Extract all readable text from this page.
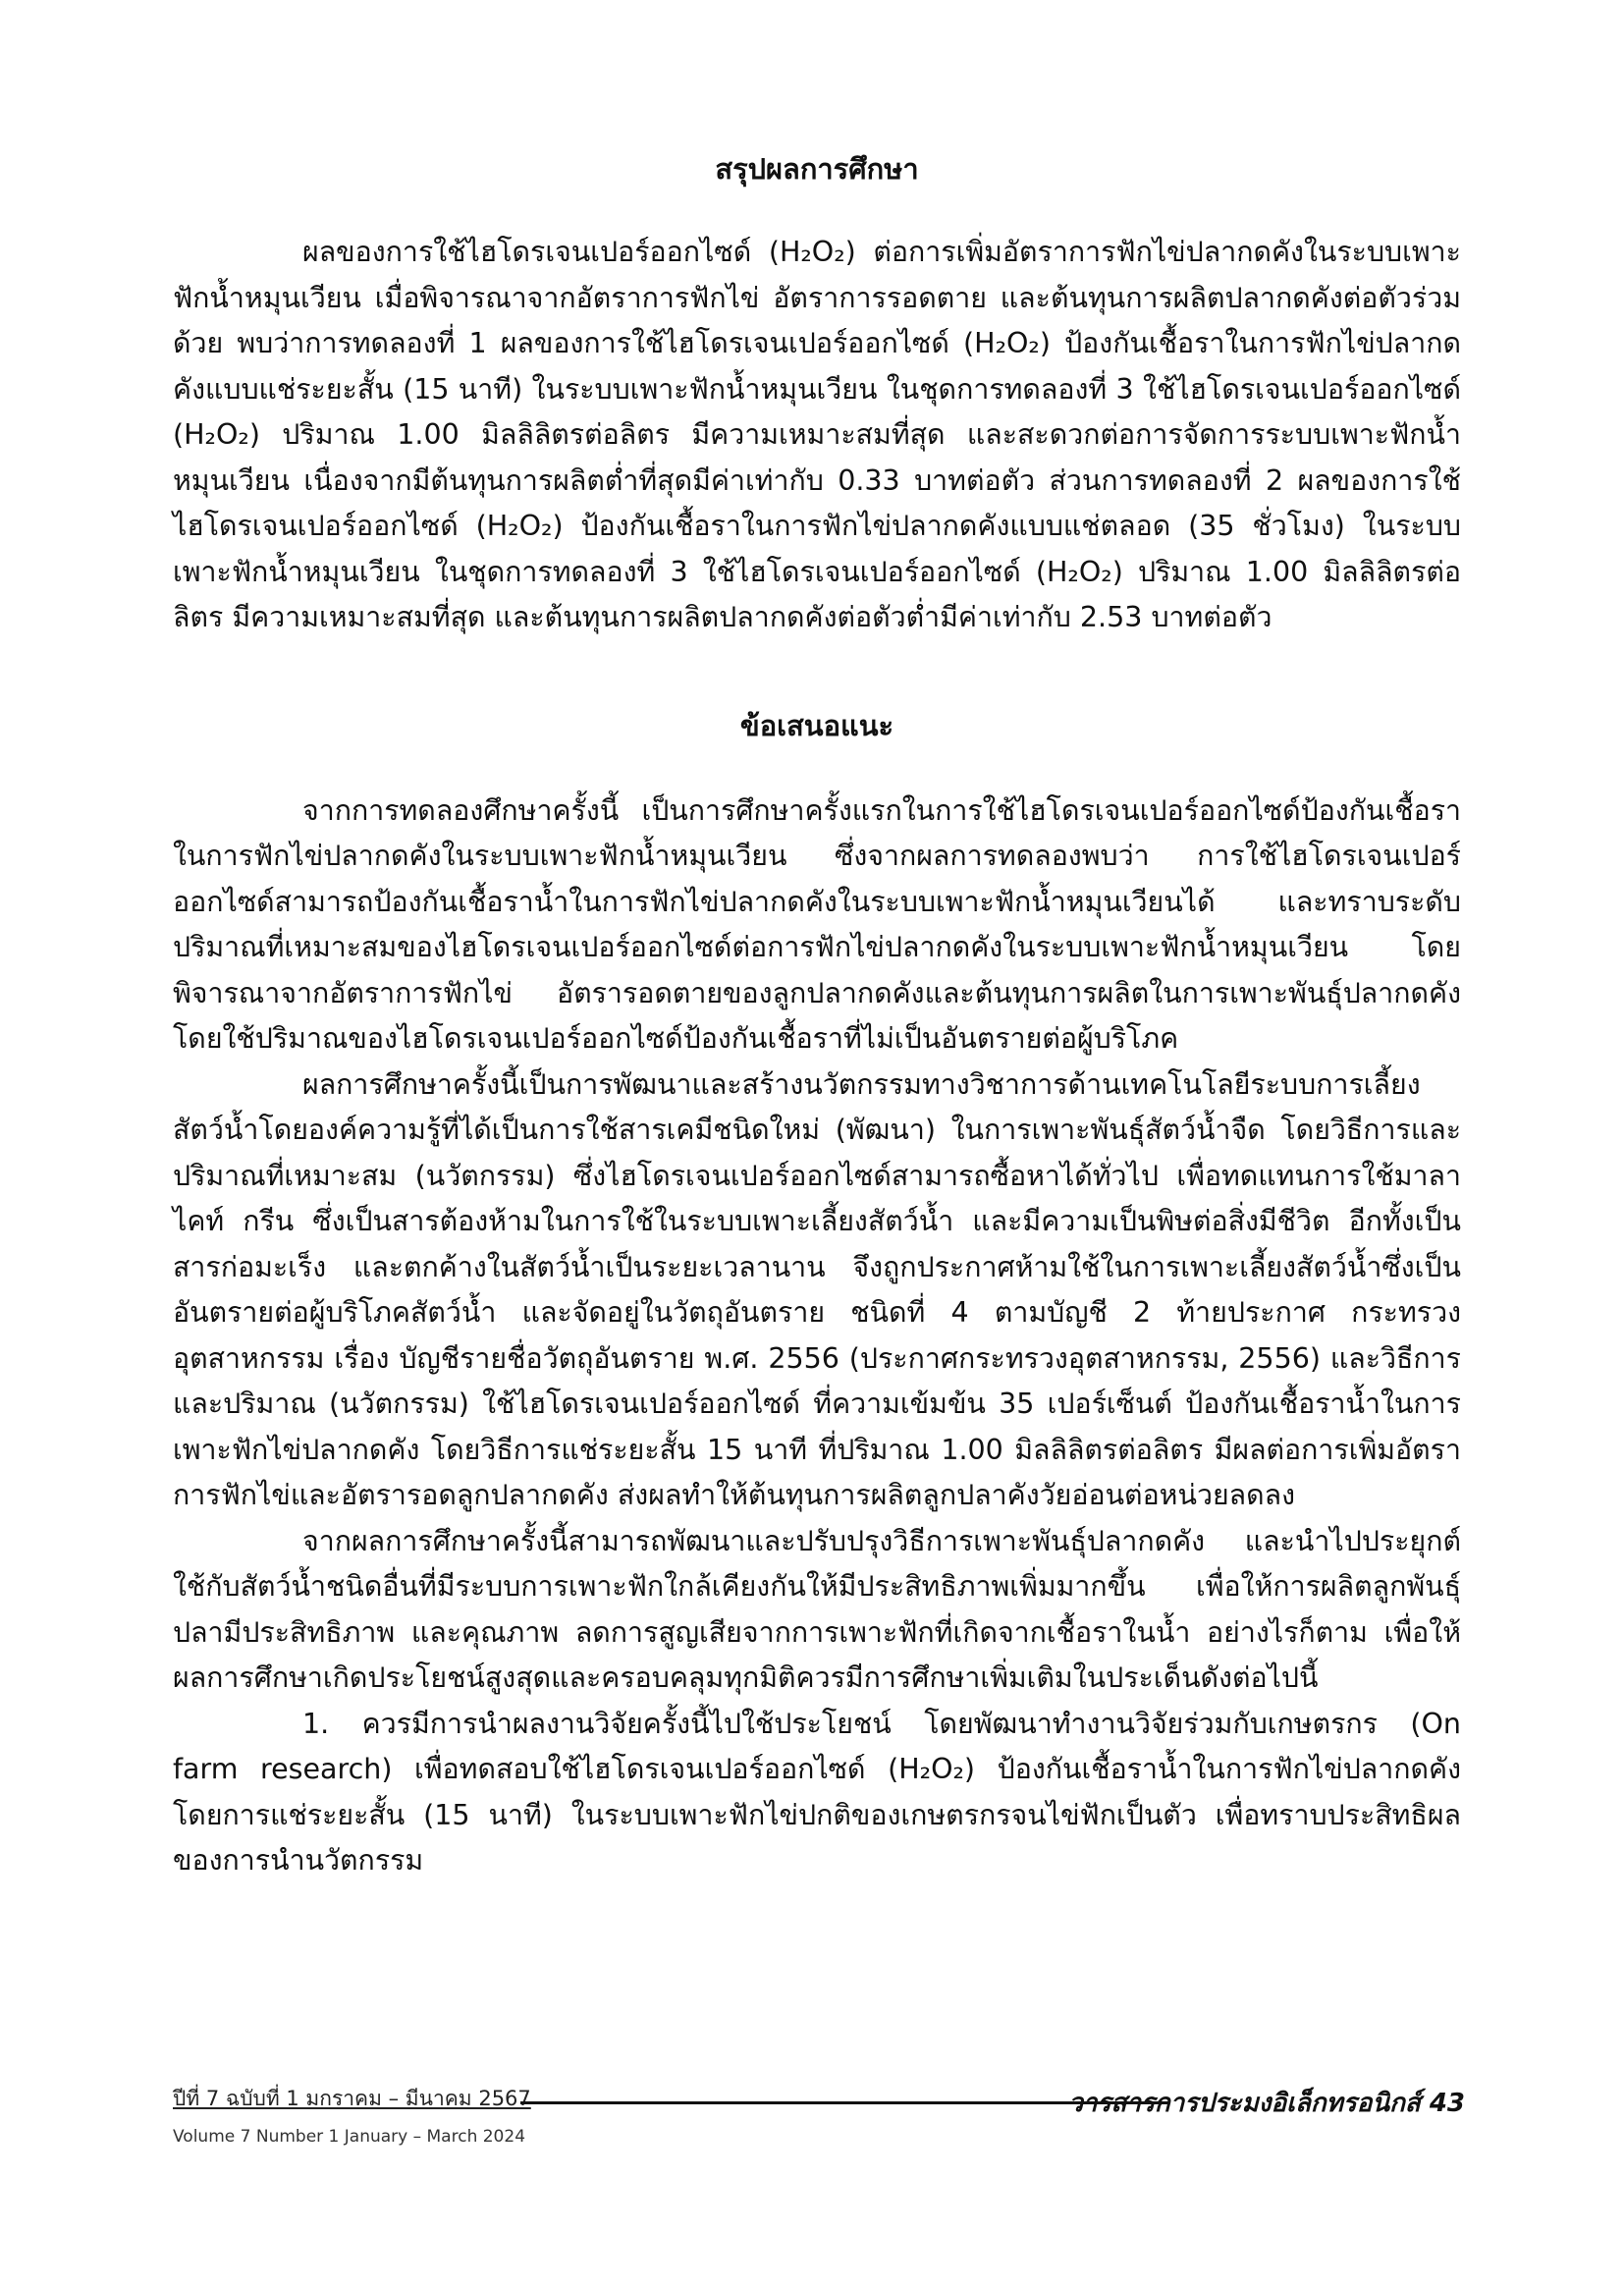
สรุปผลการศึกษา

ผลของการใช้ไฮโดรเจนเปอร์ออกไซด์ (H₂O₂) ต่อการเพิ่มอัตราการฟักไข่ปลากดคังในระบบเพาะฟักน้ำหมุนเวียน เมื่อพิจารณาจากอัตราการฟักไข่ อัตราการรอดตาย และต้นทุนการผลิตปลากดคังต่อตัวร่วมด้วย พบว่าการทดลองที่ 1 ผลของการใช้ไฮโดรเจนเปอร์ออกไซด์ (H₂O₂) ป้องกันเชื้อราในการฟักไข่ปลากดคังแบบแช่ระยะสั้น (15 นาที) ในระบบเพาะฟักน้ำหมุนเวียน ในชุดการทดลองที่ 3 ใช้ไฮโดรเจนเปอร์ออกไซด์ (H₂O₂) ปริมาณ 1.00 มิลลิลิตรต่อลิตร มีความเหมาะสมที่สุด และสะดวกต่อการจัดการระบบเพาะฟักน้ำหมุนเวียน เนื่องจากมีต้นทุนการผลิตต่ำที่สุดมีค่าเท่ากับ 0.33 บาทต่อตัว ส่วนการทดลองที่ 2 ผลของการใช้ไฮโดรเจนเปอร์ออกไซด์ (H₂O₂) ป้องกันเชื้อราในการฟักไข่ปลากดคังแบบแช่ตลอด (35 ชั่วโมง) ในระบบเพาะฟักน้ำหมุนเวียน ในชุดการทดลองที่ 3 ใช้ไฮโดรเจนเปอร์ออกไซด์ (H₂O₂) ปริมาณ 1.00 มิลลิลิตรต่อลิตร มีความเหมาะสมที่สุด และต้นทุนการผลิตปลากดคังต่อตัวต่ำมีค่าเท่ากับ 2.53 บาทต่อตัว

ข้อเสนอแนะ

จากการทดลองศึกษาครั้งนี้ เป็นการศึกษาครั้งแรกในการใช้ไฮโดรเจนเปอร์ออกไซด์ป้องกันเชื้อราในการฟักไข่ปลากดคังในระบบเพาะฟักน้ำหมุนเวียน ซึ่งจากผลการทดลองพบว่า การใช้ไฮโดรเจนเปอร์ออกไซด์สามารถป้องกันเชื้อราน้ำในการฟักไข่ปลากดคังในระบบเพาะฟักน้ำหมุนเวียนได้ และทราบระดับปริมาณที่เหมาะสมของไฮโดรเจนเปอร์ออกไซด์ต่อการฟักไข่ปลากดคังในระบบเพาะฟักน้ำหมุนเวียน โดยพิจารณาจากอัตราการฟักไข่ อัตรารอดตายของลูกปลากดคังและต้นทุนการผลิตในการเพาะพันธุ์ปลากดคัง โดยใช้ปริมาณของไฮโดรเจนเปอร์ออกไซด์ป้องกันเชื้อราที่ไม่เป็นอันตรายต่อผู้บริโภค

ผลการศึกษาครั้งนี้เป็นการพัฒนาและสร้างนวัตกรรมทางวิชาการด้านเทคโนโลยีระบบการเลี้ยงสัตว์น้ำโดยองค์ความรู้ที่ได้เป็นการใช้สารเคมีชนิดใหม่ (พัฒนา) ในการเพาะพันธุ์สัตว์น้ำจืด โดยวิธีการและปริมาณที่เหมาะสม (นวัตกรรม) ซึ่งไฮโดรเจนเปอร์ออกไซด์สามารถซื้อหาได้ทั่วไป เพื่อทดแทนการใช้มาลาไคท์ กรีน ซึ่งเป็นสารต้องห้ามในการใช้ในระบบเพาะเลี้ยงสัตว์น้ำ และมีความเป็นพิษต่อสิ่งมีชีวิต อีกทั้งเป็นสารก่อมะเร็ง และตกค้างในสัตว์น้ำเป็นระยะเวลานาน จึงถูกประกาศห้ามใช้ในการเพาะเลี้ยงสัตว์น้ำซึ่งเป็นอันตรายต่อผู้บริโภคสัตว์น้ำ และจัดอยู่ในวัตถุอันตราย ชนิดที่ 4 ตามบัญชี 2 ท้ายประกาศ กระทรวงอุตสาหกรรม เรื่อง บัญชีรายชื่อวัตถุอันตราย พ.ศ. 2556 (ประกาศกระทรวงอุตสาหกรรม, 2556) และวิธีการและปริมาณ (นวัตกรรม) ใช้ไฮโดรเจนเปอร์ออกไซด์ ที่ความเข้มข้น 35 เปอร์เซ็นต์ ป้องกันเชื้อราน้ำในการเพาะฟักไข่ปลากดคัง โดยวิธีการแช่ระยะสั้น 15 นาที ที่ปริมาณ 1.00 มิลลิลิตรต่อลิตร มีผลต่อการเพิ่มอัตราการฟักไข่และอัตรารอดลูกปลากดคัง ส่งผลทำให้ต้นทุนการผลิตลูกปลาคังวัยอ่อนต่อหน่วยลดลง

จากผลการศึกษาครั้งนี้สามารถพัฒนาและปรับปรุงวิธีการเพาะพันธุ์ปลากดคัง และนำไปประยุกต์ใช้กับสัตว์น้ำชนิดอื่นที่มีระบบการเพาะฟักใกล้เคียงกันให้มีประสิทธิภาพเพิ่มมากขึ้น เพื่อให้การผลิตลูกพันธุ์ปลามีประสิทธิภาพ และคุณภาพ ลดการสูญเสียจากการเพาะฟักที่เกิดจากเชื้อราในน้ำ อย่างไรก็ตาม เพื่อให้ผลการศึกษาเกิดประโยชน์สูงสุดและครอบคลุมทุกมิติควรมีการศึกษาเพิ่มเติมในประเด็นดังต่อไปนี้

1. ควรมีการนำผลงานวิจัยครั้งนี้ไปใช้ประโยชน์ โดยพัฒนาทำงานวิจัยร่วมกับเกษตรกร (On farm research) เพื่อทดสอบใช้ไฮโดรเจนเปอร์ออกไซด์ (H₂O₂) ป้องกันเชื้อราน้ำในการฟักไข่ปลากดคัง โดยการแช่ระยะสั้น (15 นาที) ในระบบเพาะฟักไข่ปกติของเกษตรกรจนไข่ฟักเป็นตัว เพื่อทราบประสิทธิผลของการนำนวัตกรรม

ปีที่ 7 ฉบับที่ 1 มกราคม – มีนาคม 2567
Volume 7 Number 1 January – March 2024
วารสารการประมงอิเล็กทรอนิกส์ 43
